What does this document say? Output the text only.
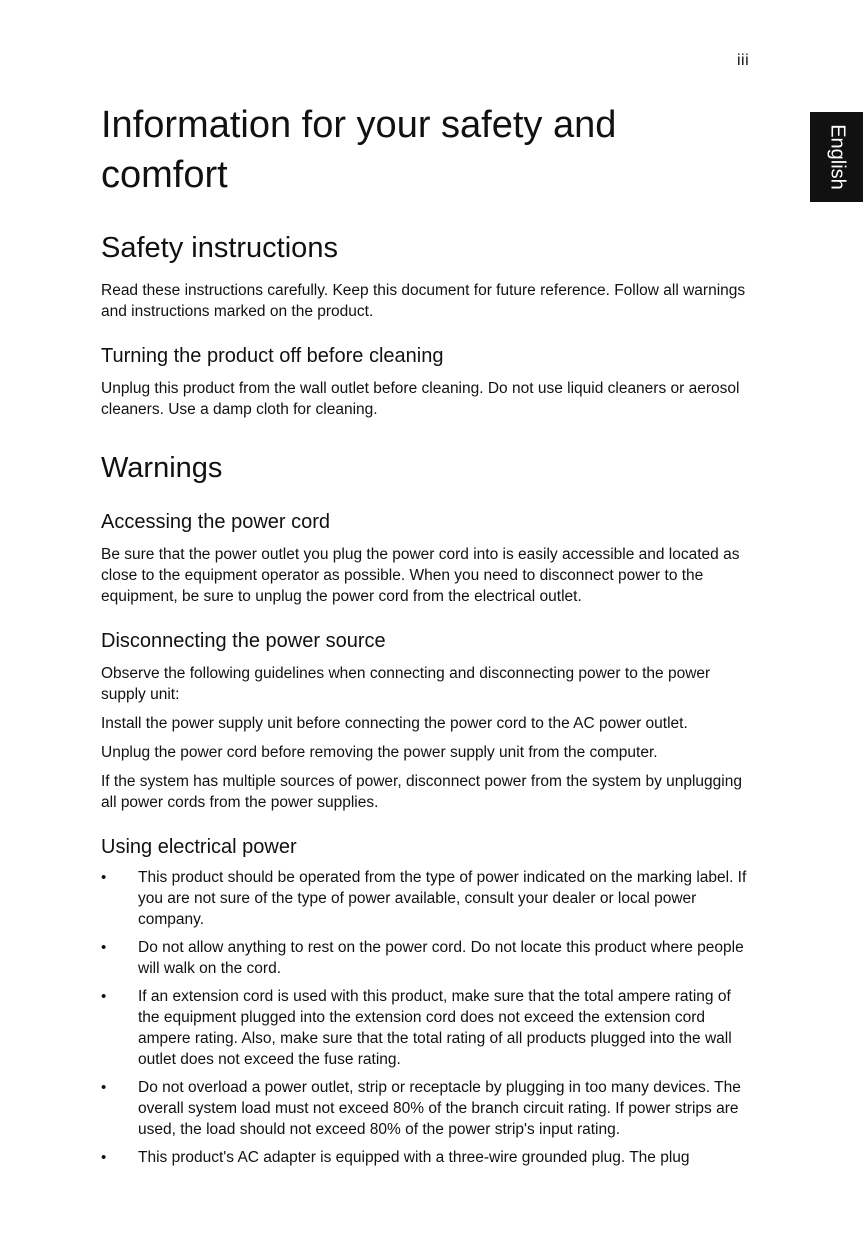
iii
English
Information for your safety and comfort
Safety instructions

Read these instructions carefully. Keep this document for future reference. Follow all warnings and instructions marked on the product.

Turning the product off before cleaning

Unplug this product from the wall outlet before cleaning. Do not use liquid cleaners or aerosol cleaners. Use a damp cloth for cleaning.

Warnings
Accessing the power cord

Be sure that the power outlet you plug the power cord into is easily accessible and located as close to the equipment operator as possible. When you need to disconnect power to the equipment, be sure to unplug the power cord from the electrical outlet.

Disconnecting the power source

Observe the following guidelines when connecting and disconnecting power to the power supply unit:

Install the power supply unit before connecting the power cord to the AC power outlet.

Unplug the power cord before removing the power supply unit from the computer.

If the system has multiple sources of power, disconnect power from the system by unplugging all power cords from the power supplies.

Using electrical power
• This product should be operated from the type of power indicated on the marking label. If you are not sure of the type of power available, consult your dealer or local power company.
• Do not allow anything to rest on the power cord. Do not locate this product where people will walk on the cord.
• If an extension cord is used with this product, make sure that the total ampere rating of the equipment plugged into the extension cord does not exceed the extension cord ampere rating. Also, make sure that the total rating of all products plugged into the wall outlet does not exceed the fuse rating.
• Do not overload a power outlet, strip or receptacle by plugging in too many devices. The overall system load must not exceed 80% of the branch circuit rating. If power strips are used, the load should not exceed 80% of the power strip's input rating.
• This product's AC adapter is equipped with a three-wire grounded plug. The plug
